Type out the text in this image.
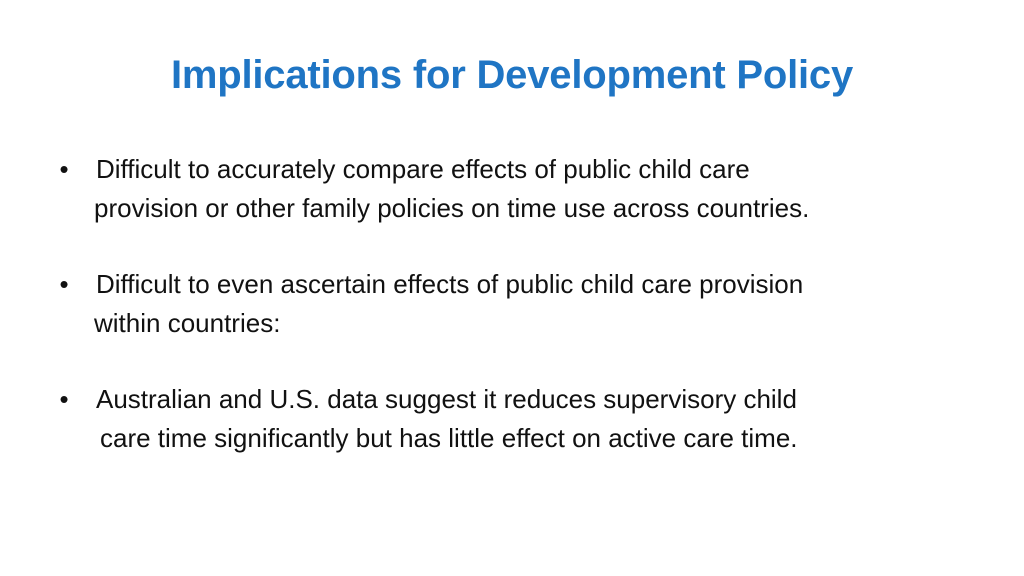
Implications for Development Policy
• Difficult to accurately compare effects of public child care
provision or other family policies on time use across countries.
• Difficult to even ascertain effects of public child care provision
within countries:
• Australian and U.S. data suggest it reduces supervisory child
care time significantly but has little effect on active care time.
